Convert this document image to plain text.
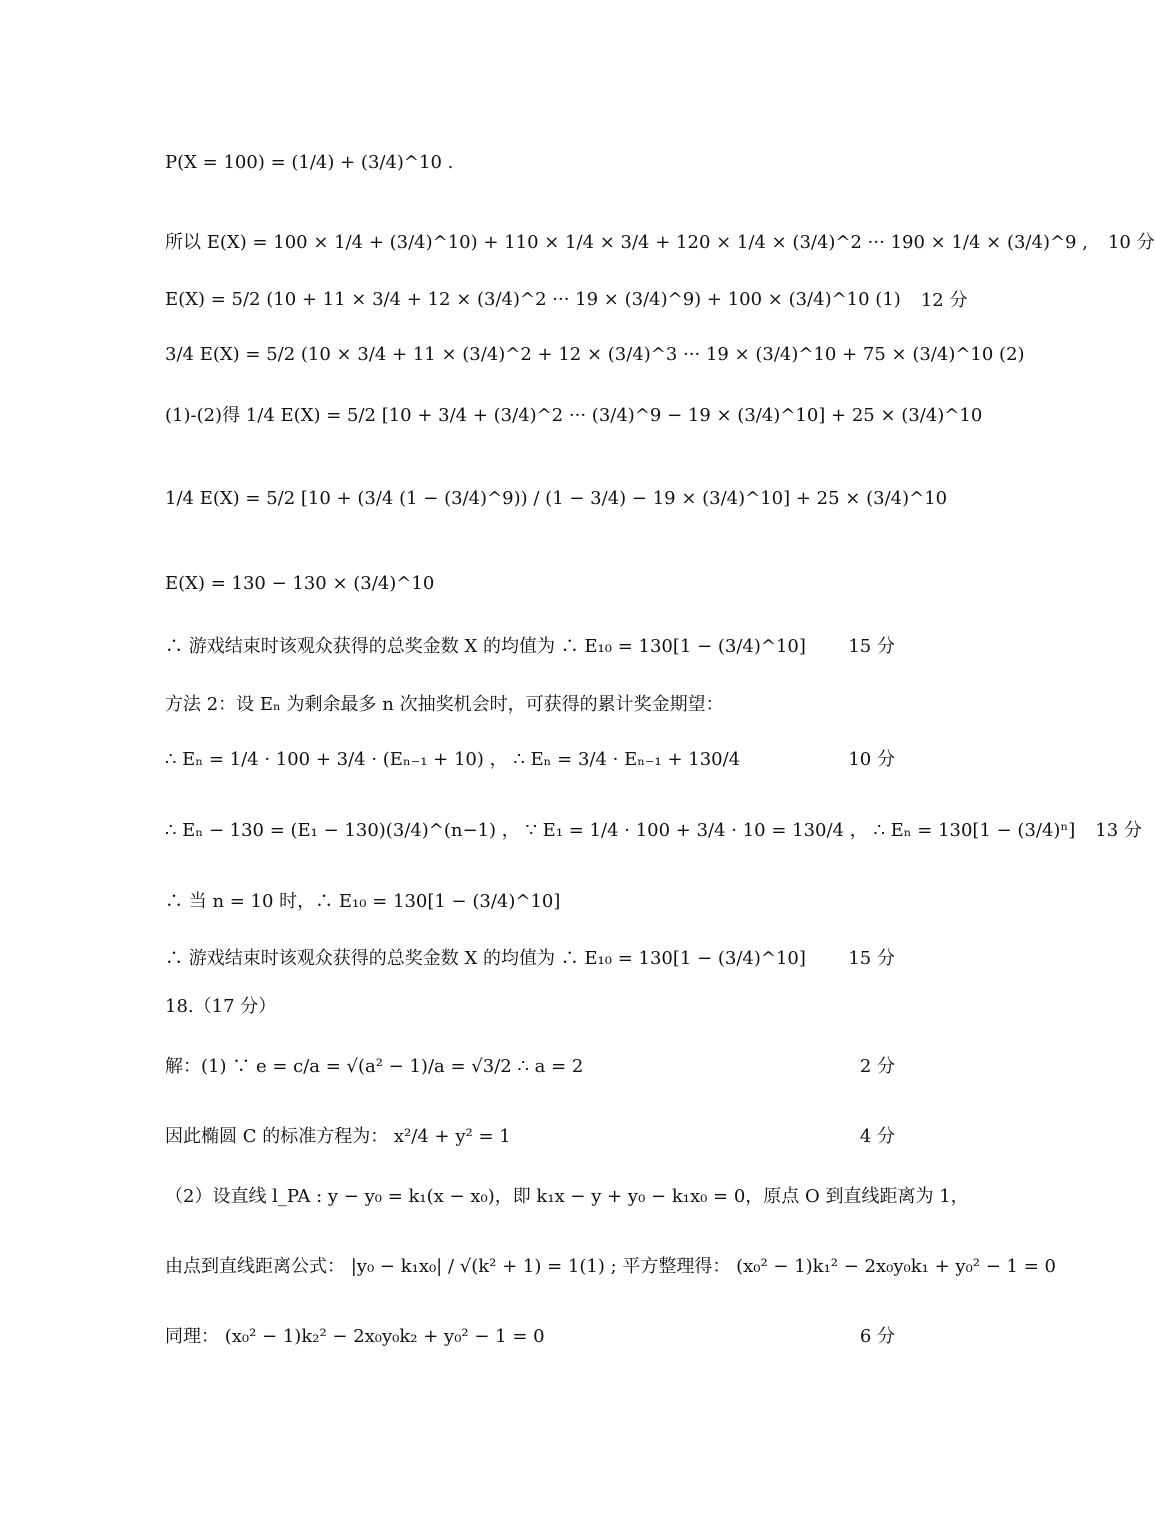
P(X = 100) = (1/4) + (3/4)^10 .
所以 E(X) = 100 × 1/4 + (3/4)^10) + 110 × 1/4 × 3/4 + 120 × 1/4 × (3/4)^2 ··· 190 × 1/4 × (3/4)^9 , 10 分
E(X) = 5/2 (10 + 11 × 3/4 + 12 × (3/4)^2 ··· 19 × (3/4)^9) + 100 × (3/4)^10 (1) 12 分
3/4 E(X) = 5/2 (10 × 3/4 + 11 × (3/4)^2 + 12 × (3/4)^3 ··· 19 × (3/4)^10 + 75 × (3/4)^10 (2)
(1)-(2)得 1/4 E(X) = 5/2 [10 + 3/4 + (3/4)^2 ··· (3/4)^9 − 19 × (3/4)^10] + 25 × (3/4)^10
1/4 E(X) = 5/2 [10 + (3/4 (1 − (3/4)^9)) / (1 − 3/4) − 19 × (3/4)^10] + 25 × (3/4)^10
E(X) = 130 − 130 × (3/4)^10
∴ 游戏结束时该观众获得的总奖金数 X 的均值为 ∴ E₁₀ = 130[1 − (3/4)^10]	15 分
方法 2：设 Eₙ 为剩余最多 n 次抽奖机会时，可获得的累计奖金期望：
∴ Eₙ = 1/4 · 100 + 3/4 · (Eₙ₋₁ + 10) ， ∴ Eₙ = 3/4 · Eₙ₋₁ + 130/4	10 分
∴ Eₙ − 130 = (E₁ − 130)(3/4)^(n−1) ， ∵ E₁ = 1/4 · 100 + 3/4 · 10 = 130/4 ， ∴ Eₙ = 130[1 − (3/4)ⁿ] 13 分
∴ 当 n = 10 时，∴ E₁₀ = 130[1 − (3/4)^10]
∴ 游戏结束时该观众获得的总奖金数 X 的均值为 ∴ E₁₀ = 130[1 − (3/4)^10]	15 分
18.（17 分）
解：(1) ∵ e = c/a = √(a² − 1)/a = √3/2 ∴ a = 2	2 分
因此椭圆 C 的标准方程为： x²/4 + y² = 1	4 分
（2）设直线 l_PA : y − y₀ = k₁(x − x₀)，即 k₁x − y + y₀ − k₁x₀ = 0，原点 O 到直线距离为 1，
由点到直线距离公式： |y₀ − k₁x₀| / √(k² + 1) = 1(1) ; 平方整理得： (x₀² − 1)k₁² − 2x₀y₀k₁ + y₀² − 1 = 0
同理： (x₀² − 1)k₂² − 2x₀y₀k₂ + y₀² − 1 = 0	6 分
